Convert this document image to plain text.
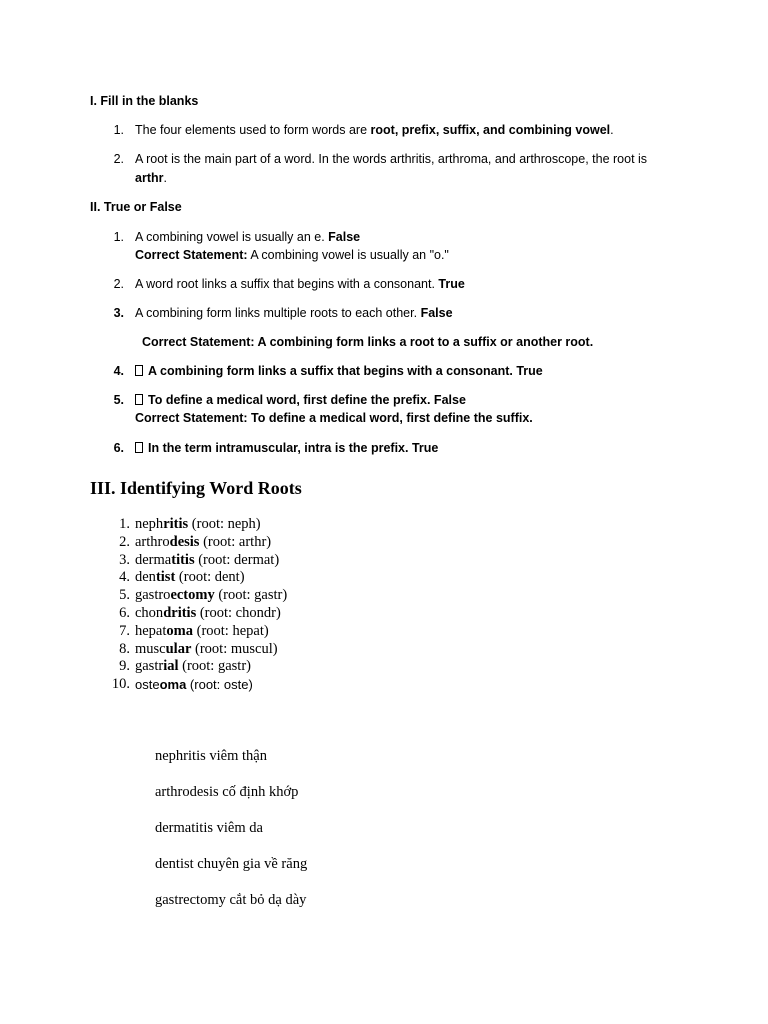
I. Fill in the blanks
1. The four elements used to form words are root, prefix, suffix, and combining vowel.
2. A root is the main part of a word. In the words arthritis, arthroma, and arthroscope, the root is
arthr.
II. True or False
1. A combining vowel is usually an e. False
Correct Statement: A combining vowel is usually an "o."
2. A word root links a suffix that begins with a consonant. True
3. A combining form links multiple roots to each other. False
Correct Statement: A combining form links a root to a suffix or another root.
4.	A combining form links a suffix that begins with a consonant. True
5.	To define a medical word, first define the prefix. False
Correct Statement: To define a medical word, first define the suffix.
6.	In the term intramuscular, intra is the prefix. True
III. Identifying Word Roots
1. nephritis (root: neph)
2. arthrodesis (root: arthr)
3. dermatitis (root: dermat)
4. dentist (root: dent)
5. gastroectomy (root: gastr)
6. chondritis (root: chondr)
7. hepatoma (root: hepat)
8. muscular (root: muscul)
9. gastrial (root: gastr)
10. osteoma (root: oste)
nephritis viêm thận
arthrodesis cố định khớp
dermatitis viêm da
dentist chuyên gia về răng
gastrectomy cắt bỏ dạ dày
